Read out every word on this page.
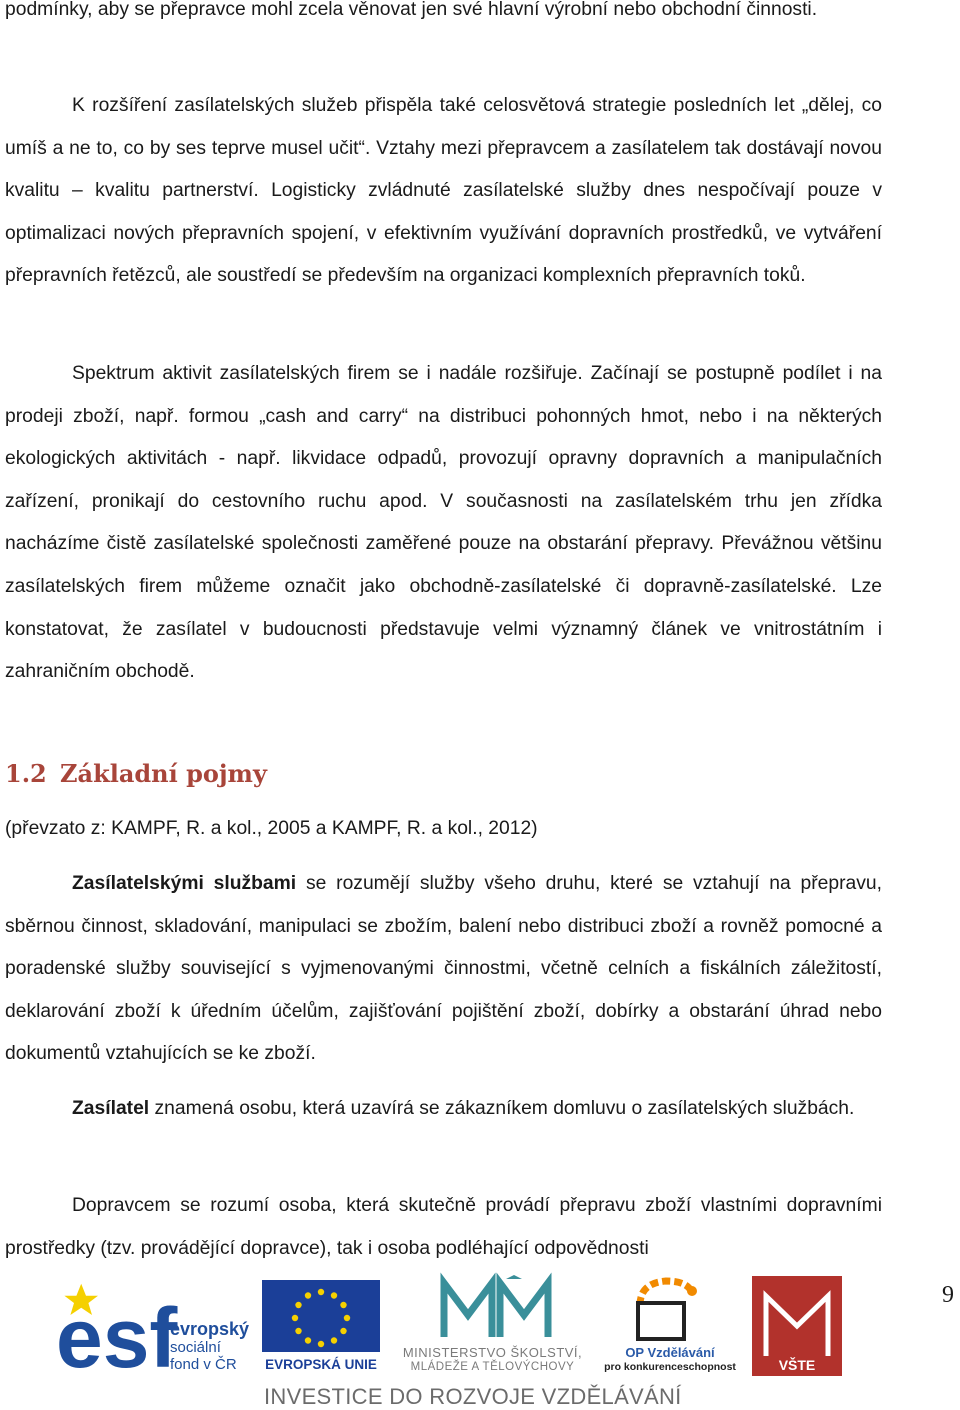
podmínky, aby se přepravce mohl zcela věnovat jen své hlavní výrobní nebo obchodní činnosti.

K rozšíření zasílatelských služeb přispěla také celosvětová strategie posledních let „dělej, co umíš a ne to, co by ses teprve musel učit“. Vztahy mezi přepravcem a zasílatelem tak dostávají novou kvalitu – kvalitu partnerství. Logisticky zvládnuté zasílatelské služby dnes nespočívají pouze v optimalizaci nových přepravních spojení, v efektivním využívání dopravních prostředků, ve vytváření přepravních řetězců, ale soustředí se především na organizaci komplexních přepravních toků.

Spektrum aktivit zasílatelských firem se i nadále rozšiřuje. Začínají se postupně podílet i na prodeji zboží, např. formou „cash and carry“ na distribuci pohonných hmot, nebo i na některých ekologických aktivitách - např. likvidace odpadů, provozují opravny dopravních a manipulačních zařízení, pronikají do cestovního ruchu apod. V současnosti na zasílatelském trhu jen zřídka nacházíme čistě zasílatelské společnosti zaměřené pouze na obstarání přepravy. Převážnou většinu zasílatelských firem můžeme označit jako obchodně-zasílatelské či dopravně-zasílatelské. Lze konstatovat, že zasílatel v budoucnosti představuje velmi významný článek ve vnitrostátním i zahraničním obchodě.

1.2 Základní pojmy

(převzato z: KAMPF, R. a kol., 2005 a KAMPF, R. a kol., 2012)

Zasílatelskými službami se rozumějí služby všeho druhu, které se vztahují na přepravu, sběrnou činnost, skladování, manipulaci se zbožím, balení nebo distribuci zboží a rovněž pomocné a poradenské služby související s vyjmenovanými činnostmi, včetně celních a fiskálních záležitostí, deklarování zboží k úředním účelům, zajišťování pojištění zboží, dobírky a obstarání úhrad nebo dokumentů vztahujících se ke zboží.

Zasílatel znamená osobu, která uzavírá se zákazníkem domluvu o zasílatelských službách.

Dopravcem se rozumí osoba, která skutečně provádí přepravu zboží vlastními dopravními prostředky (tzv. provádějící dopravce), tak i osoba podléhající odpovědnosti

9
esf
evropský
sociální
fond v ČR EVROPSKÁ UNIE
MINISTERSTVO ŠKOLSTVÍ,
MLÁDEŽE A TĚLOVÝCHOVY
OP Vzdělávání
pro konkurenceschopnost	VŠTE
INVESTICE DO ROZVOJE VZDĚLÁVÁNÍ
